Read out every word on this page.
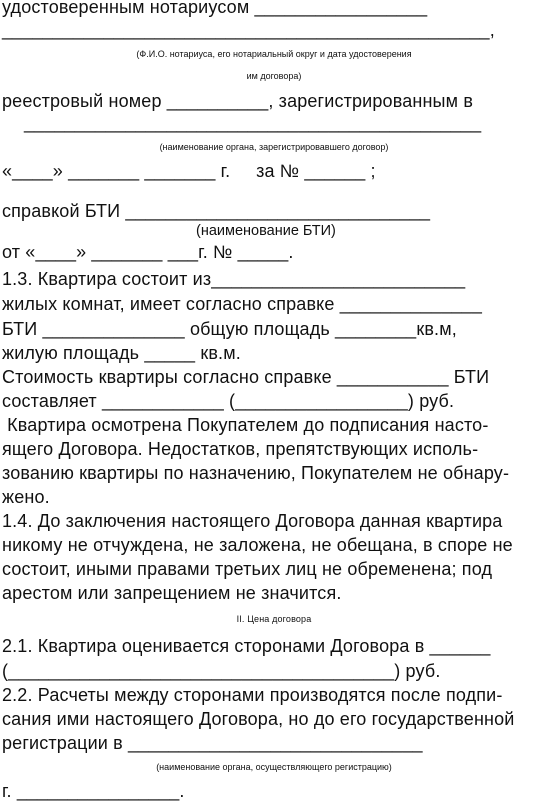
удостоверенным нотариусом _________________
________________________________________________,
(Ф.И.О. нотариуса, его нотариальный округ и дата удостоверения
им договора)
реестровый номер __________, зарегистрированным в
_____________________________________________
(наименование органа, зарегистрировавшего договор)
«____» _______ _______ г.     за № ______ ;
справкой БТИ ______________________________
(наименование БТИ)
от «____» _______ ___г. № _____.
1.3. Квартира состоит из_________________________
жилых комнат, имеет согласно справке ______________
БТИ ______________ общую площадь ________кв.м,
жилую площадь _____ кв.м.
Стоимость квартиры согласно справке ___________ БТИ
составляет ____________ (_________________) руб.
Квартира осмотрена Покупателем до подписания насто-
ящего Договора. Недостатков, препятствующих исполь-
зованию квартиры по назначению, Покупателем не обнару-
жено.
1.4. До заключения настоящего Договора данная квартира
никому не отчуждена, не заложена, не обещана, в споре не
состоит, иными правами третьих лиц не обременена; под
арестом или запрещением не значится.
II. Цена договора
2.1. Квартира оценивается сторонами Договора в ______
(______________________________________) руб.
2.2. Расчеты между сторонами производятся после подпи-
сания ими настоящего Договора, но до его государственной
регистрации в _____________________________
(наименование органа, осуществляющего регистрацию)
г. ________________.
